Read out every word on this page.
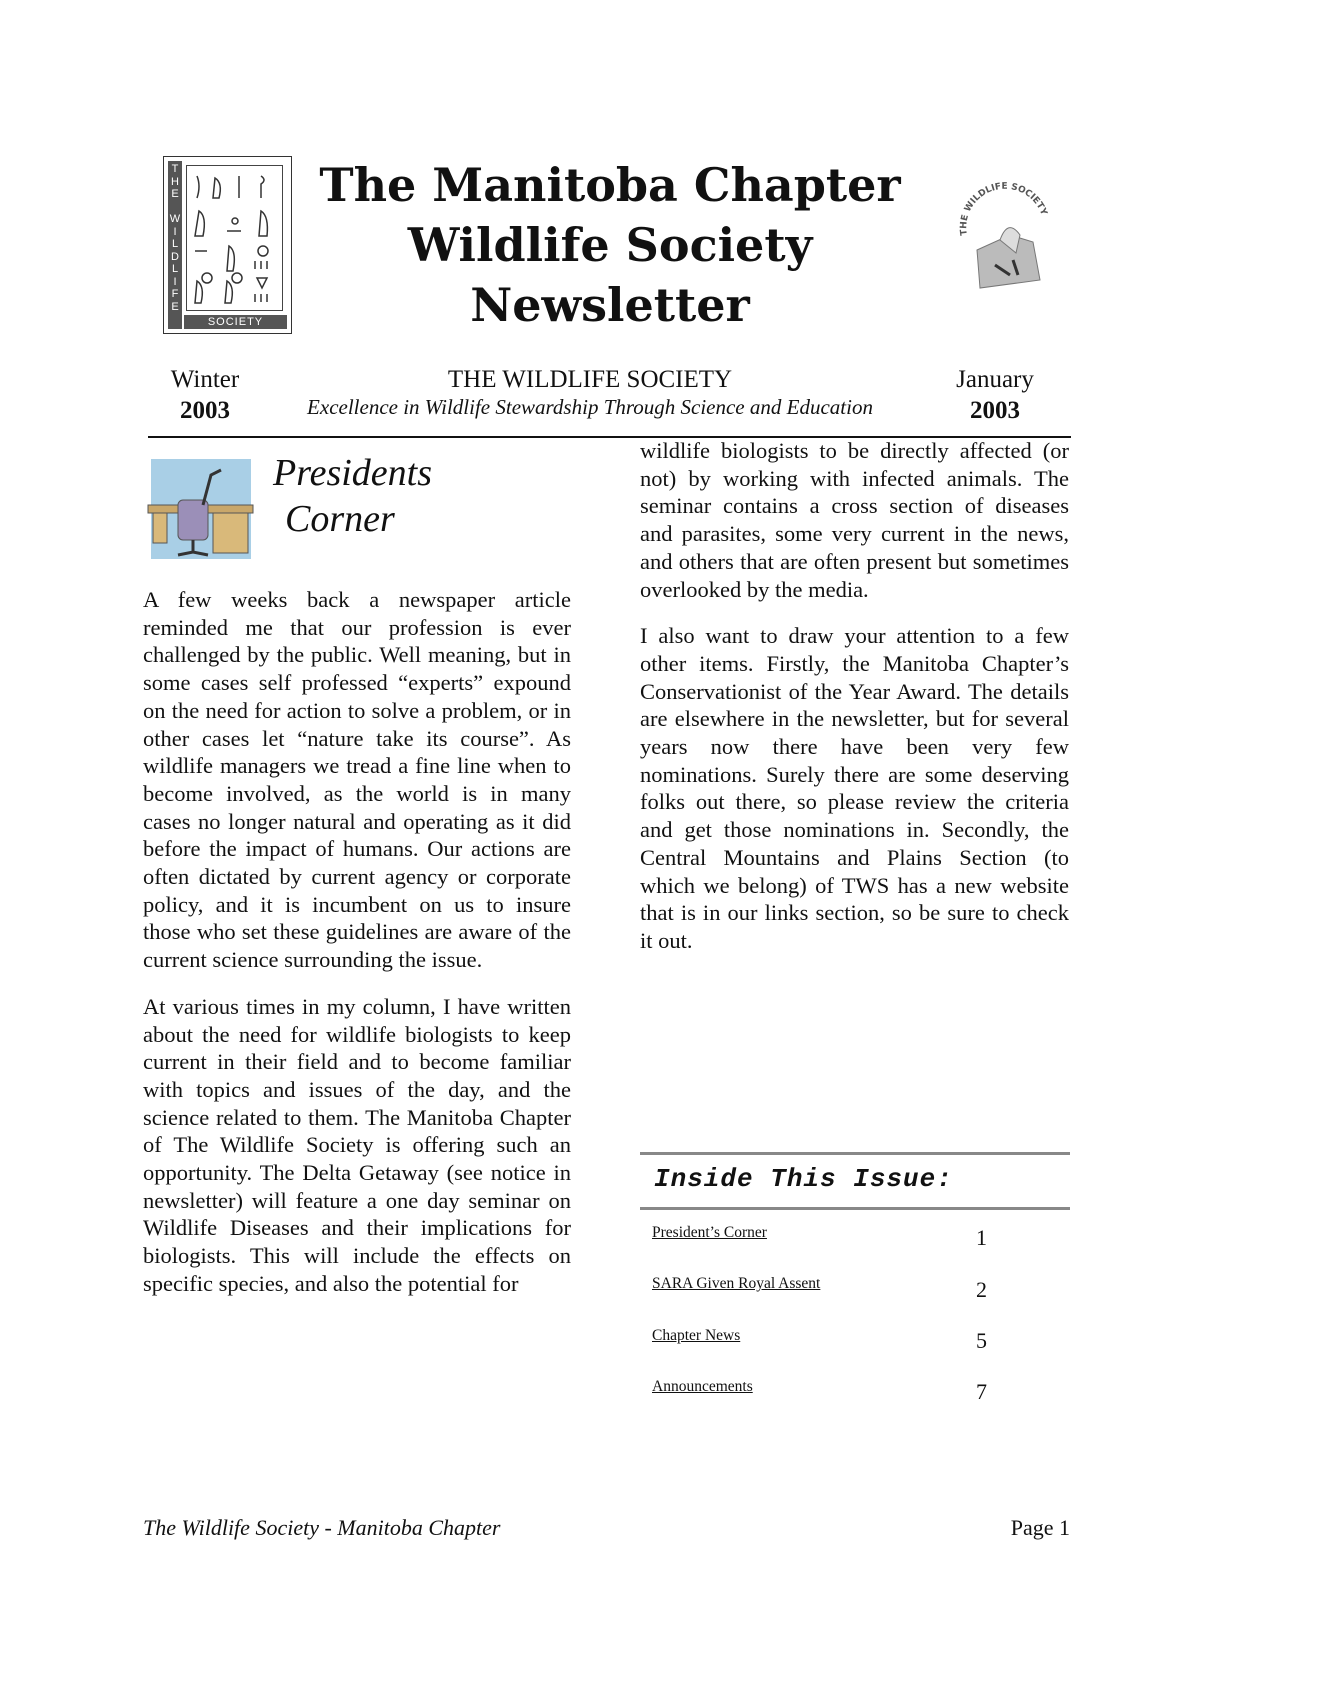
T
H
E

W
I
L
D
L
I
F
E
SOCIETY
The Manitoba Chapter
Wildlife Society
Newsletter
THE WILDLIFE SOCIETY
Winter
2003
THE WILDLIFE SOCIETY
Excellence in Wildlife Stewardship Through Science and Education
January
2003
Presidents
Corner

A few weeks back a newspaper article reminded me that our profession is ever challenged by the public. Well meaning, but in some cases self professed “experts” expound on the need for action to solve a problem, or in other cases let “nature take its course”. As wildlife managers we tread a fine line when to become involved, as the world is in many cases no longer natural and operating as it did before the impact of humans. Our actions are often dictated by current agency or corporate policy, and it is incumbent on us to insure those who set these guidelines are aware of the current science surrounding the issue.

At various times in my column, I have written about the need for wildlife biologists to keep current in their field and to become familiar with topics and issues of the day, and the science related to them. The Manitoba Chapter of The Wildlife Society is offering such an opportunity. The Delta Getaway (see notice in newsletter) will feature a one day seminar on Wildlife Diseases and their implications for biologists. This will include the effects on specific species, and also the potential for

wildlife biologists to be directly affected (or not) by working with infected animals. The seminar contains a cross section of diseases and parasites, some very current in the news, and others that are often present but sometimes overlooked by the media.

I also want to draw your attention to a few other items. Firstly, the Manitoba Chapter’s Conservationist of the Year Award. The details are elsewhere in the newsletter, but for several years now there have been very few nominations. Surely there are some deserving folks out there, so please review the criteria and get those nominations in. Secondly, the Central Mountains and Plains Section (to which we belong) of TWS has a new website that is in our links section, so be sure to check it out.

Inside This Issue:
President’s Corner	1
SARA Given Royal Assent	2
Chapter News	5
Announcements	7
The Wildlife Society - Manitoba Chapter	Page 1
